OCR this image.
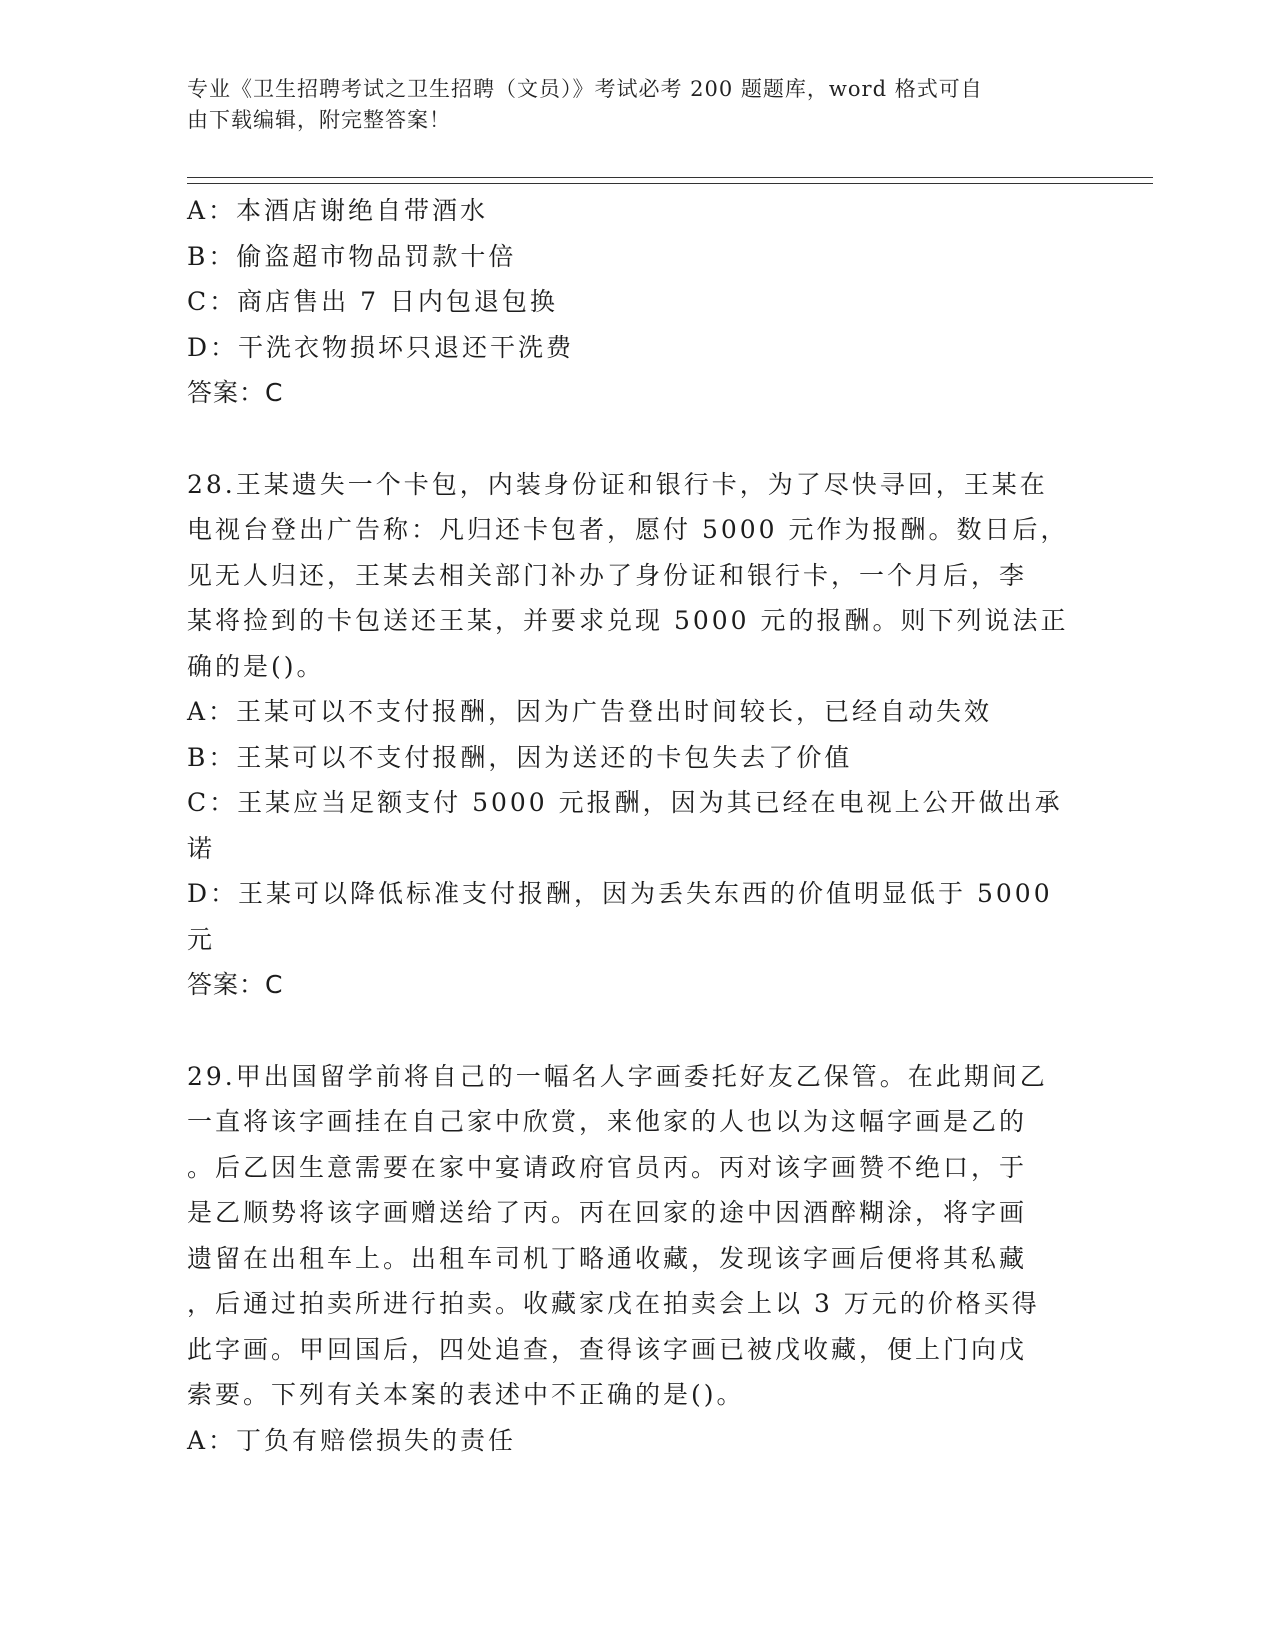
专业《卫生招聘考试之卫生招聘（文员）》考试必考 200 题题库，word 格式可自
由下载编辑，附完整答案！
A：本酒店谢绝自带酒水
B：偷盗超市物品罚款十倍
C：商店售出 7 日内包退包换
D：干洗衣物损坏只退还干洗费
答案：C
28.王某遗失一个卡包，内装身份证和银行卡，为了尽快寻回，王某在
电视台登出广告称：凡归还卡包者，愿付 5000 元作为报酬。数日后，
见无人归还，王某去相关部门补办了身份证和银行卡，一个月后，李
某将捡到的卡包送还王某，并要求兑现 5000 元的报酬。则下列说法正
确的是()。
A：王某可以不支付报酬，因为广告登出时间较长，已经自动失效
B：王某可以不支付报酬，因为送还的卡包失去了价值
C：王某应当足额支付 5000 元报酬，因为其已经在电视上公开做出承
诺
D：王某可以降低标准支付报酬，因为丢失东西的价值明显低于 5000
元
答案：C
29.甲出国留学前将自己的一幅名人字画委托好友乙保管。在此期间乙
一直将该字画挂在自己家中欣赏，来他家的人也以为这幅字画是乙的
。后乙因生意需要在家中宴请政府官员丙。丙对该字画赞不绝口，于
是乙顺势将该字画赠送给了丙。丙在回家的途中因酒醉糊涂，将字画
遗留在出租车上。出租车司机丁略通收藏，发现该字画后便将其私藏
，后通过拍卖所进行拍卖。收藏家戊在拍卖会上以 3 万元的价格买得
此字画。甲回国后，四处追查，查得该字画已被戊收藏，便上门向戊
索要。下列有关本案的表述中不正确的是()。
A：丁负有赔偿损失的责任
